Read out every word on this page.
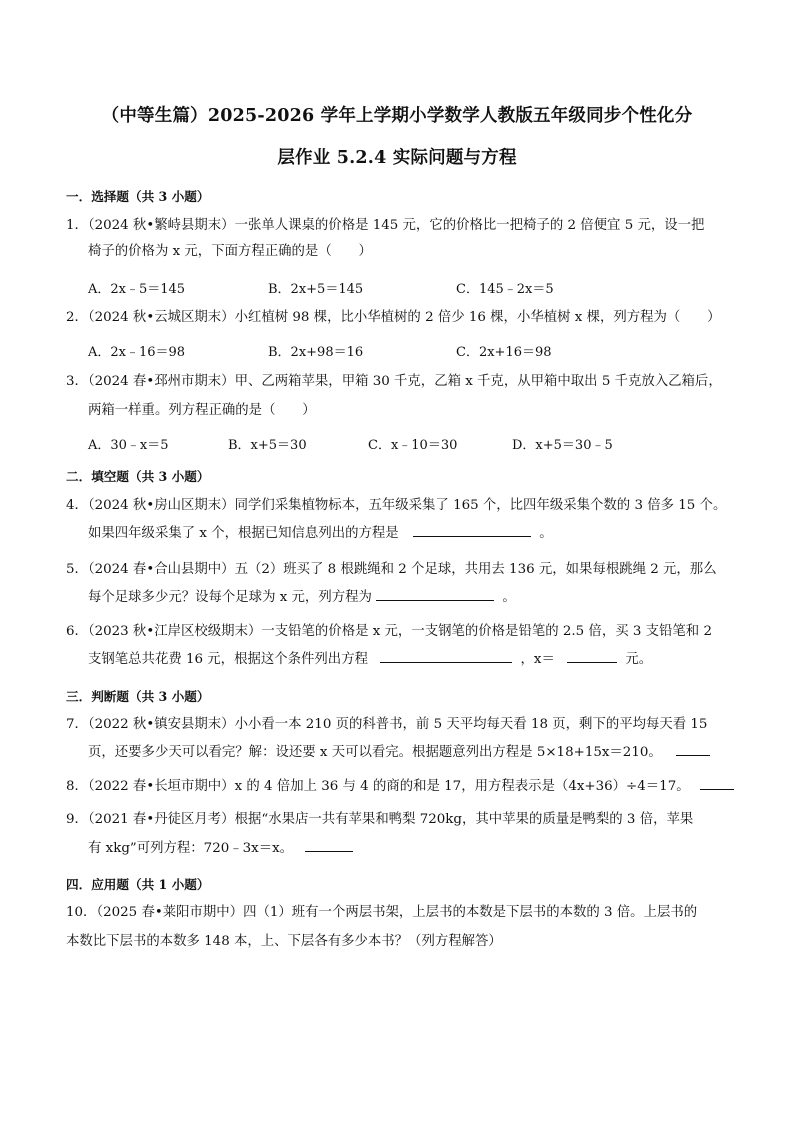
（中等生篇）2025-2026 学年上学期小学数学人教版五年级同步个性化分
层作业 5.2.4 实际问题与方程
一．选择题（共 3 小题）
1．（2024 秋•繁峙县期末）一张单人课桌的价格是 145 元，它的价格比一把椅子的 2 倍便宜 5 元，设一把
椅子的价格为 x 元，下面方程正确的是（　　）
A．2x﹣5＝145	B．2x+5＝145	C．145﹣2x＝5
2．（2024 秋•云城区期末）小红植树 98 棵，比小华植树的 2 倍少 16 棵，小华植树 x 棵，列方程为（　　）
A．2x﹣16＝98	B．2x+98＝16	C．2x+16＝98
3．（2024 春•邳州市期末）甲、乙两箱苹果，甲箱 30 千克，乙箱 x 千克，从甲箱中取出 5 千克放入乙箱后，
两箱一样重。列方程正确的是（　　）
A．30﹣x＝5	B．x+5＝30	C．x﹣10＝30	D．x+5＝30﹣5
二．填空题（共 3 小题）
4．（2024 秋•房山区期末）同学们采集植物标本，五年级采集了 165 个，比四年级采集个数的 3 倍多 15 个。
如果四年级采集了 x 个，根据已知信息列出的方程是	。
5．（2024 春•合山县期中）五（2）班买了 8 根跳绳和 2 个足球，共用去 136 元，如果每根跳绳 2 元，那么
每个足球多少元？设每个足球为 x 元，列方程为	。
6．（2023 秋•江岸区校级期末）一支铅笔的价格是 x 元，一支钢笔的价格是铅笔的 2.5 倍，买 3 支铅笔和 2
支钢笔总共花费 16 元，根据这个条件列出方程	，x＝	元。
三．判断题（共 3 小题）
7．（2022 秋•镇安县期末）小小看一本 210 页的科普书，前 5 天平均每天看 18 页，剩下的平均每天看 15
页，还要多少天可以看完？解：设还要 x 天可以看完。根据题意列出方程是 5×18+15x＝210。
8．（2022 春•长垣市期中）x 的 4 倍加上 36 与 4 的商的和是 17，用方程表示是（4x+36）÷4＝17。
9．（2021 春•丹徒区月考）根据“水果店一共有苹果和鸭梨 720kg，其中苹果的质量是鸭梨的 3 倍，苹果
有 xkg”可列方程：720﹣3x＝x。
四．应用题（共 1 小题）
10．（2025 春•莱阳市期中）四（1）班有一个两层书架，上层书的本数是下层书的本数的 3 倍。上层书的
本数比下层书的本数多 148 本，上、下层各有多少本书？（列方程解答）
